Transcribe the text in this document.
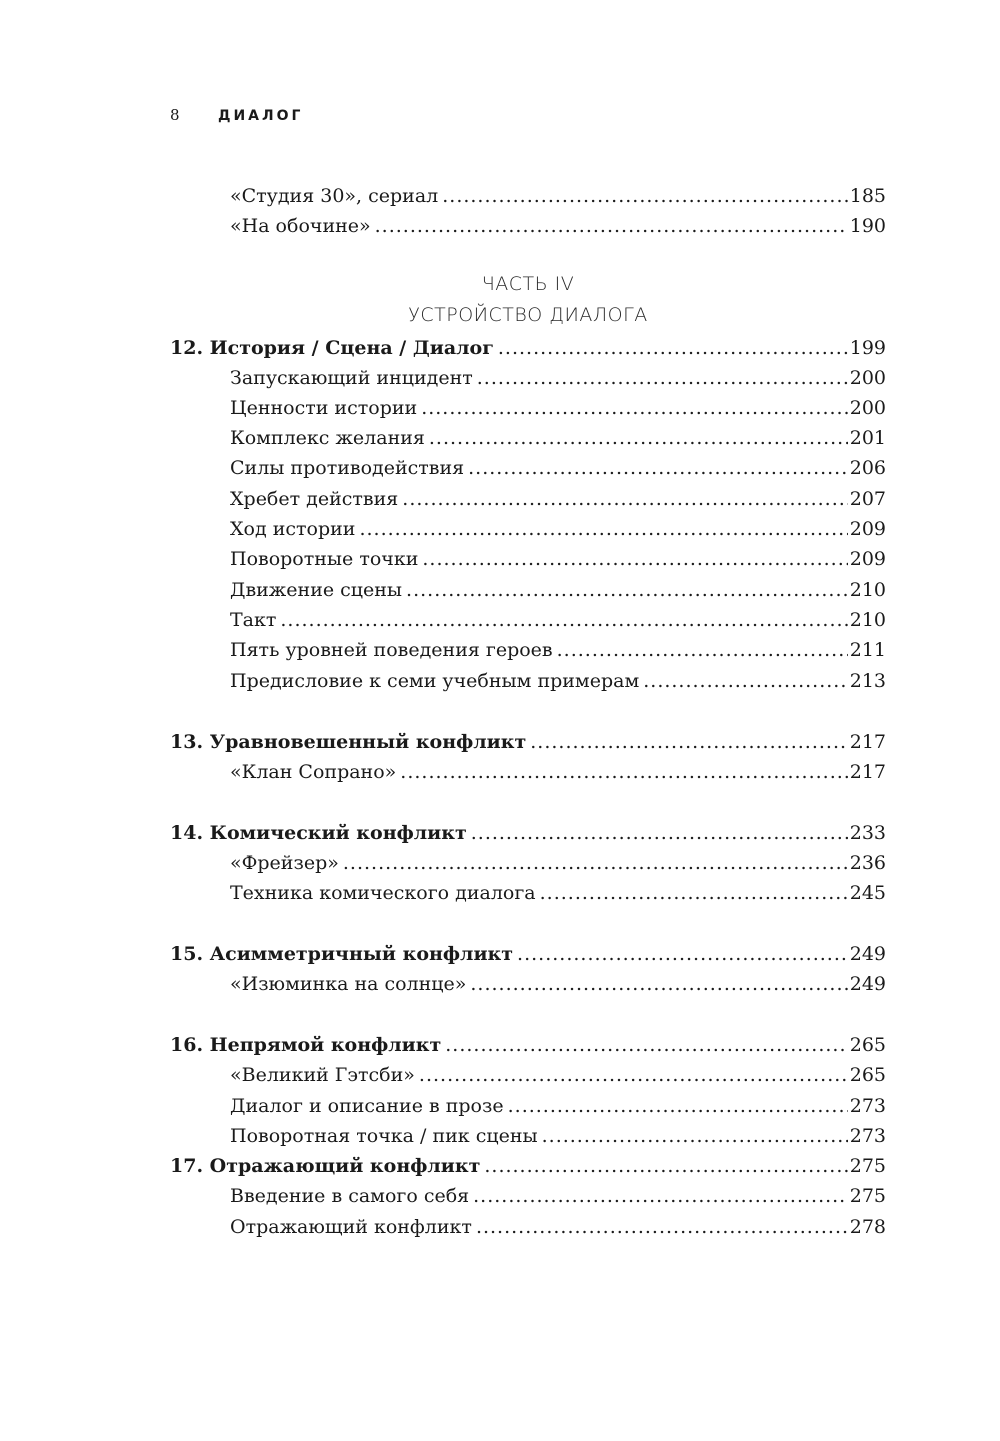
8	ДИАЛОГ
«Студия 30», сериал .....	185
«На обочине» .....	190
12. История / Сцена / Диалог .....	199
Запускающий инцидент .....	200
Ценности истории .....	200
Комплекс желания .....	201
Силы противодействия .....	206
Хребет действия .....	207
Ход истории .....	209
Поворотные точки .....	209
Движение сцены .....	210
Такт .....	210
Пять уровней поведения героев .....	211
Предисловие к семи учебным примерам .....	213
13. Уравновешенный конфликт .....	217
«Клан Сопрано» .....	217
14. Комический конфликт .....	233
«Фрейзер» .....	236
Техника комического диалога .....	245
15. Асимметричный конфликт .....	249
«Изюминка на солнце» .....	249
16. Непрямой конфликт .....	265
«Великий Гэтсби» .....	265
Диалог и описание в прозе .....	273
Поворотная точка / пик сцены .....	273
17. Отражающий конфликт .....	275
Введение в самого себя .....	275
Отражающий конфликт .....	278
ЧАСТЬ IV
УСТРОЙСТВО ДИАЛОГА
